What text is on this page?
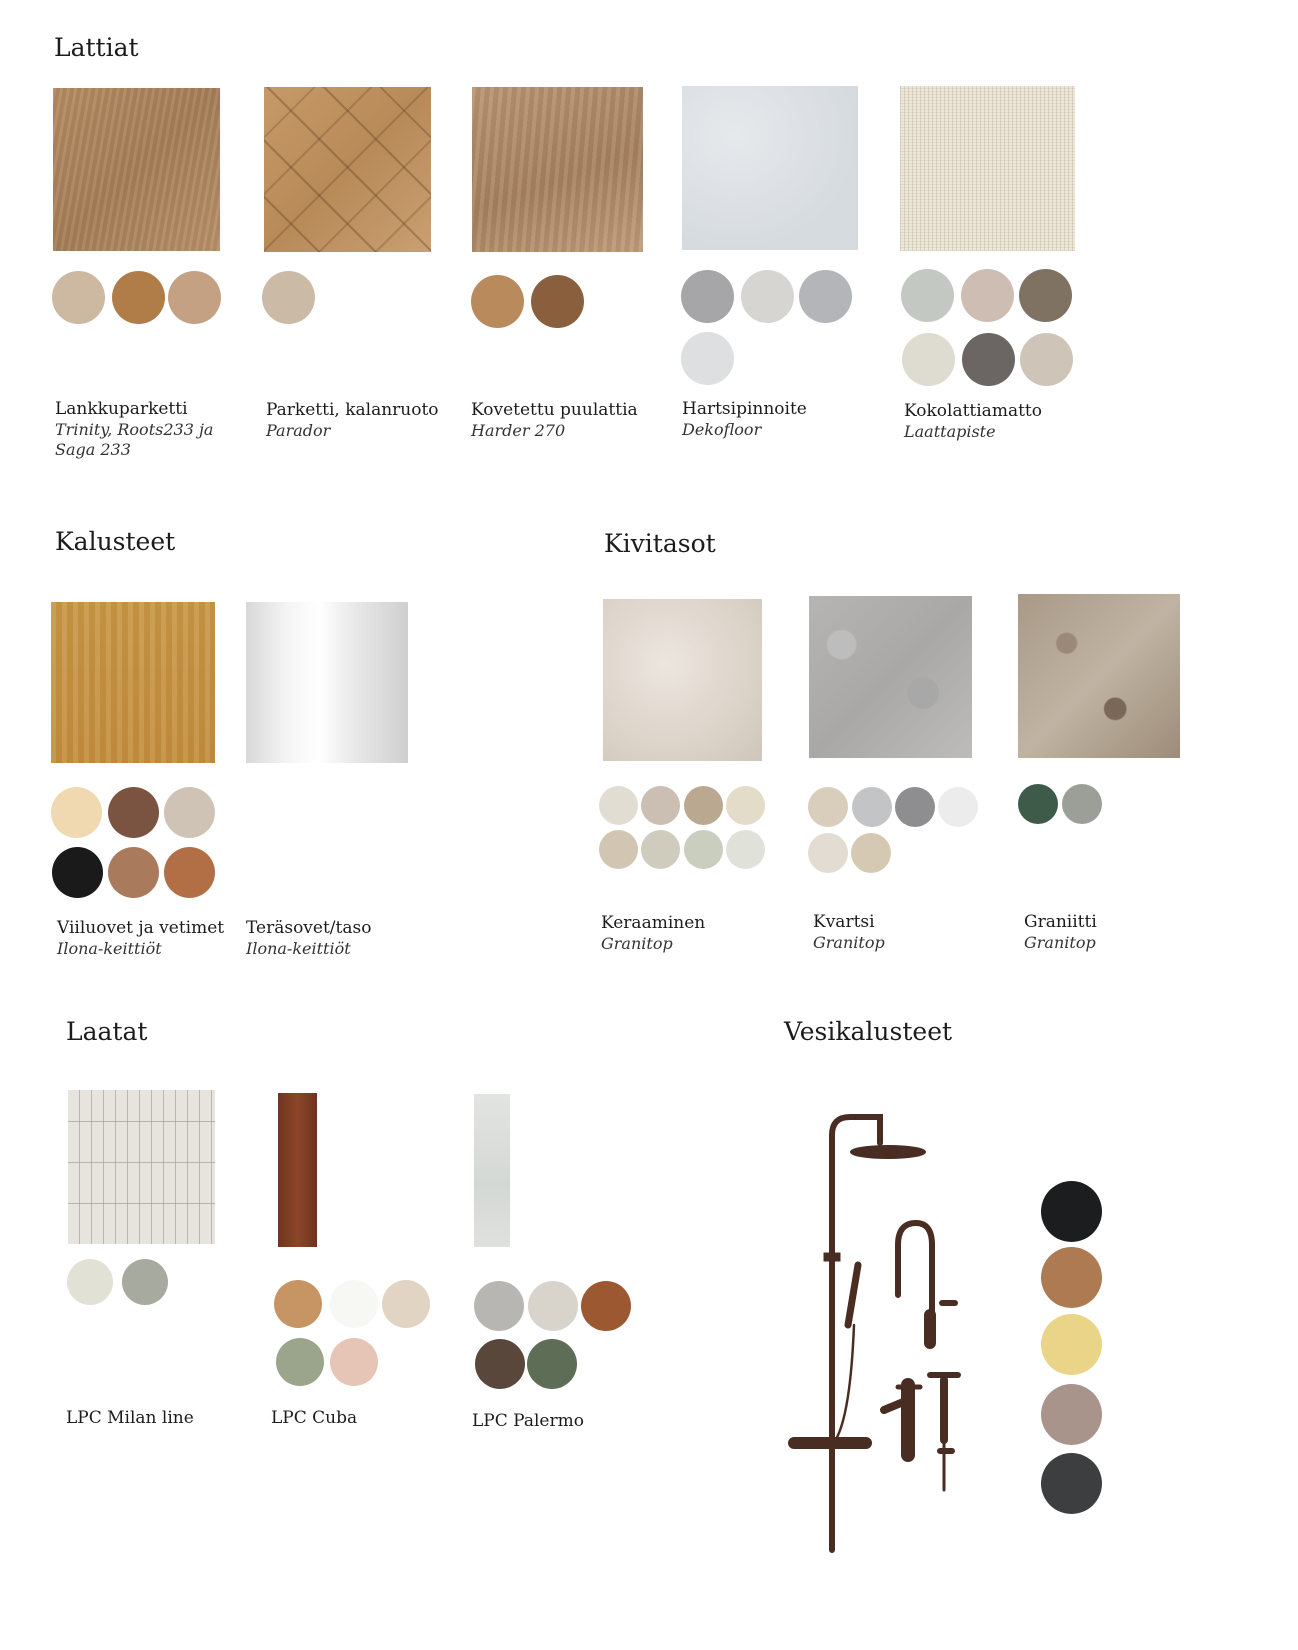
Lattiat
Lankkuparketti
Trinity, Roots233 ja
Saga 233
Parketti, kalanruoto
Parador
Kovetettu puulattia
Harder 270
Hartsipinnoite
Dekofloor
Kokolattiamatto
Laattapiste
Kalusteet
Viiluovet ja vetimet
Ilona-keittiöt
Teräsovet/taso
Ilona-keittiöt
Kivitasot
Keraaminen
Granitop
Kvartsi
Granitop
Graniitti
Granitop
Laatat
LPC Milan line	LPC Cuba	LPC Palermo
Vesikalusteet
